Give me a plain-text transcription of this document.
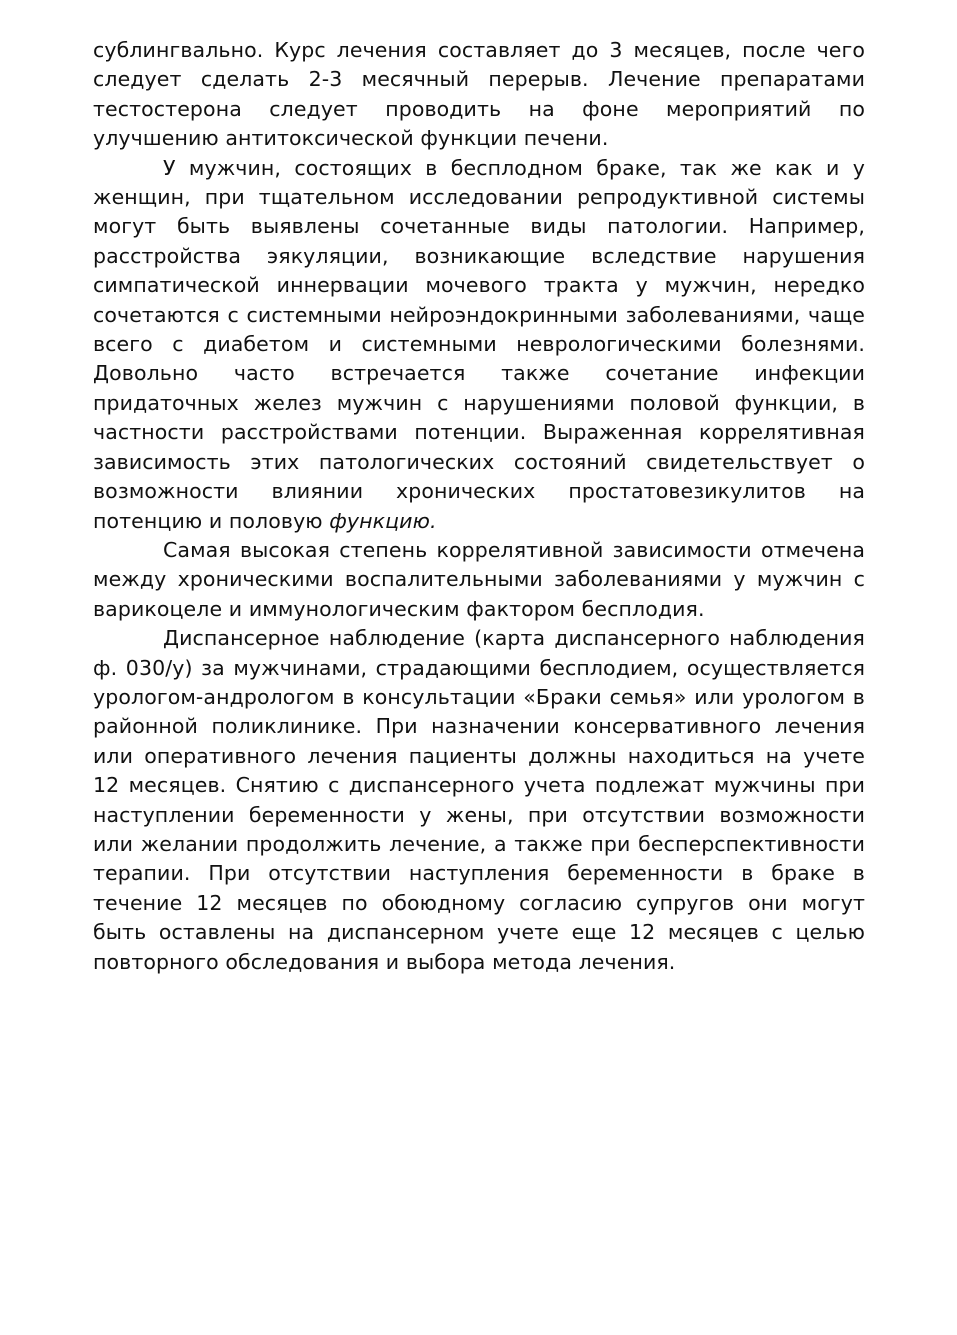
сублингвально. Курс лечения составляет до 3 месяцев, после чего следует сделать 2-3 месячный перерыв. Лечение препаратами тестостерона следует проводить на фоне мероприятий по улучшению антитоксической функции печени.

У мужчин, состоящих в бесплодном браке, так же как и у женщин, при тщательном исследовании репродуктивной системы могут быть выявлены сочетанные виды патологии. Например, расстройства эякуляции, возникающие вследствие нарушения симпатической иннервации мочевого тракта у мужчин, нередко сочетаются с системными нейроэндокринными заболеваниями, чаще всего с диабетом и системными неврологическими болезнями. Довольно часто встречается также сочетание инфекции придаточных желез мужчин с нарушениями половой функции, в частности расстройствами потенции. Выраженная коррелятивная зависимость этих патологических состояний свидетельствует о возможности влиянии хронических простатовезикулитов на потенцию и половую функцию.

Самая высокая степень коррелятивной зависимости отмечена между хроническими воспалительными заболеваниями у мужчин с варикоцеле и иммунологическим фактором бесплодия.

Диспансерное наблюдение (карта диспансерного наблюдения ф. 030/у) за мужчинами, страдающими бесплодием, осуществляется урологом-андрологом в консультации «Браки семья» или урологом в районной поликлинике. При назначении консервативного лечения или оперативного лечения пациенты должны находиться на учете 12 месяцев. Снятию с диспансерного учета подлежат мужчины при наступлении беременности у жены, при отсутствии возможности или желании продолжить лечение, а также при бесперспективности терапии. При отсутствии наступления беременности в браке в течение 12 месяцев по обоюдному согласию супругов они могут быть оставлены на диспансерном учете еще 12 месяцев с целью повторного обследования и выбора метода лечения.
